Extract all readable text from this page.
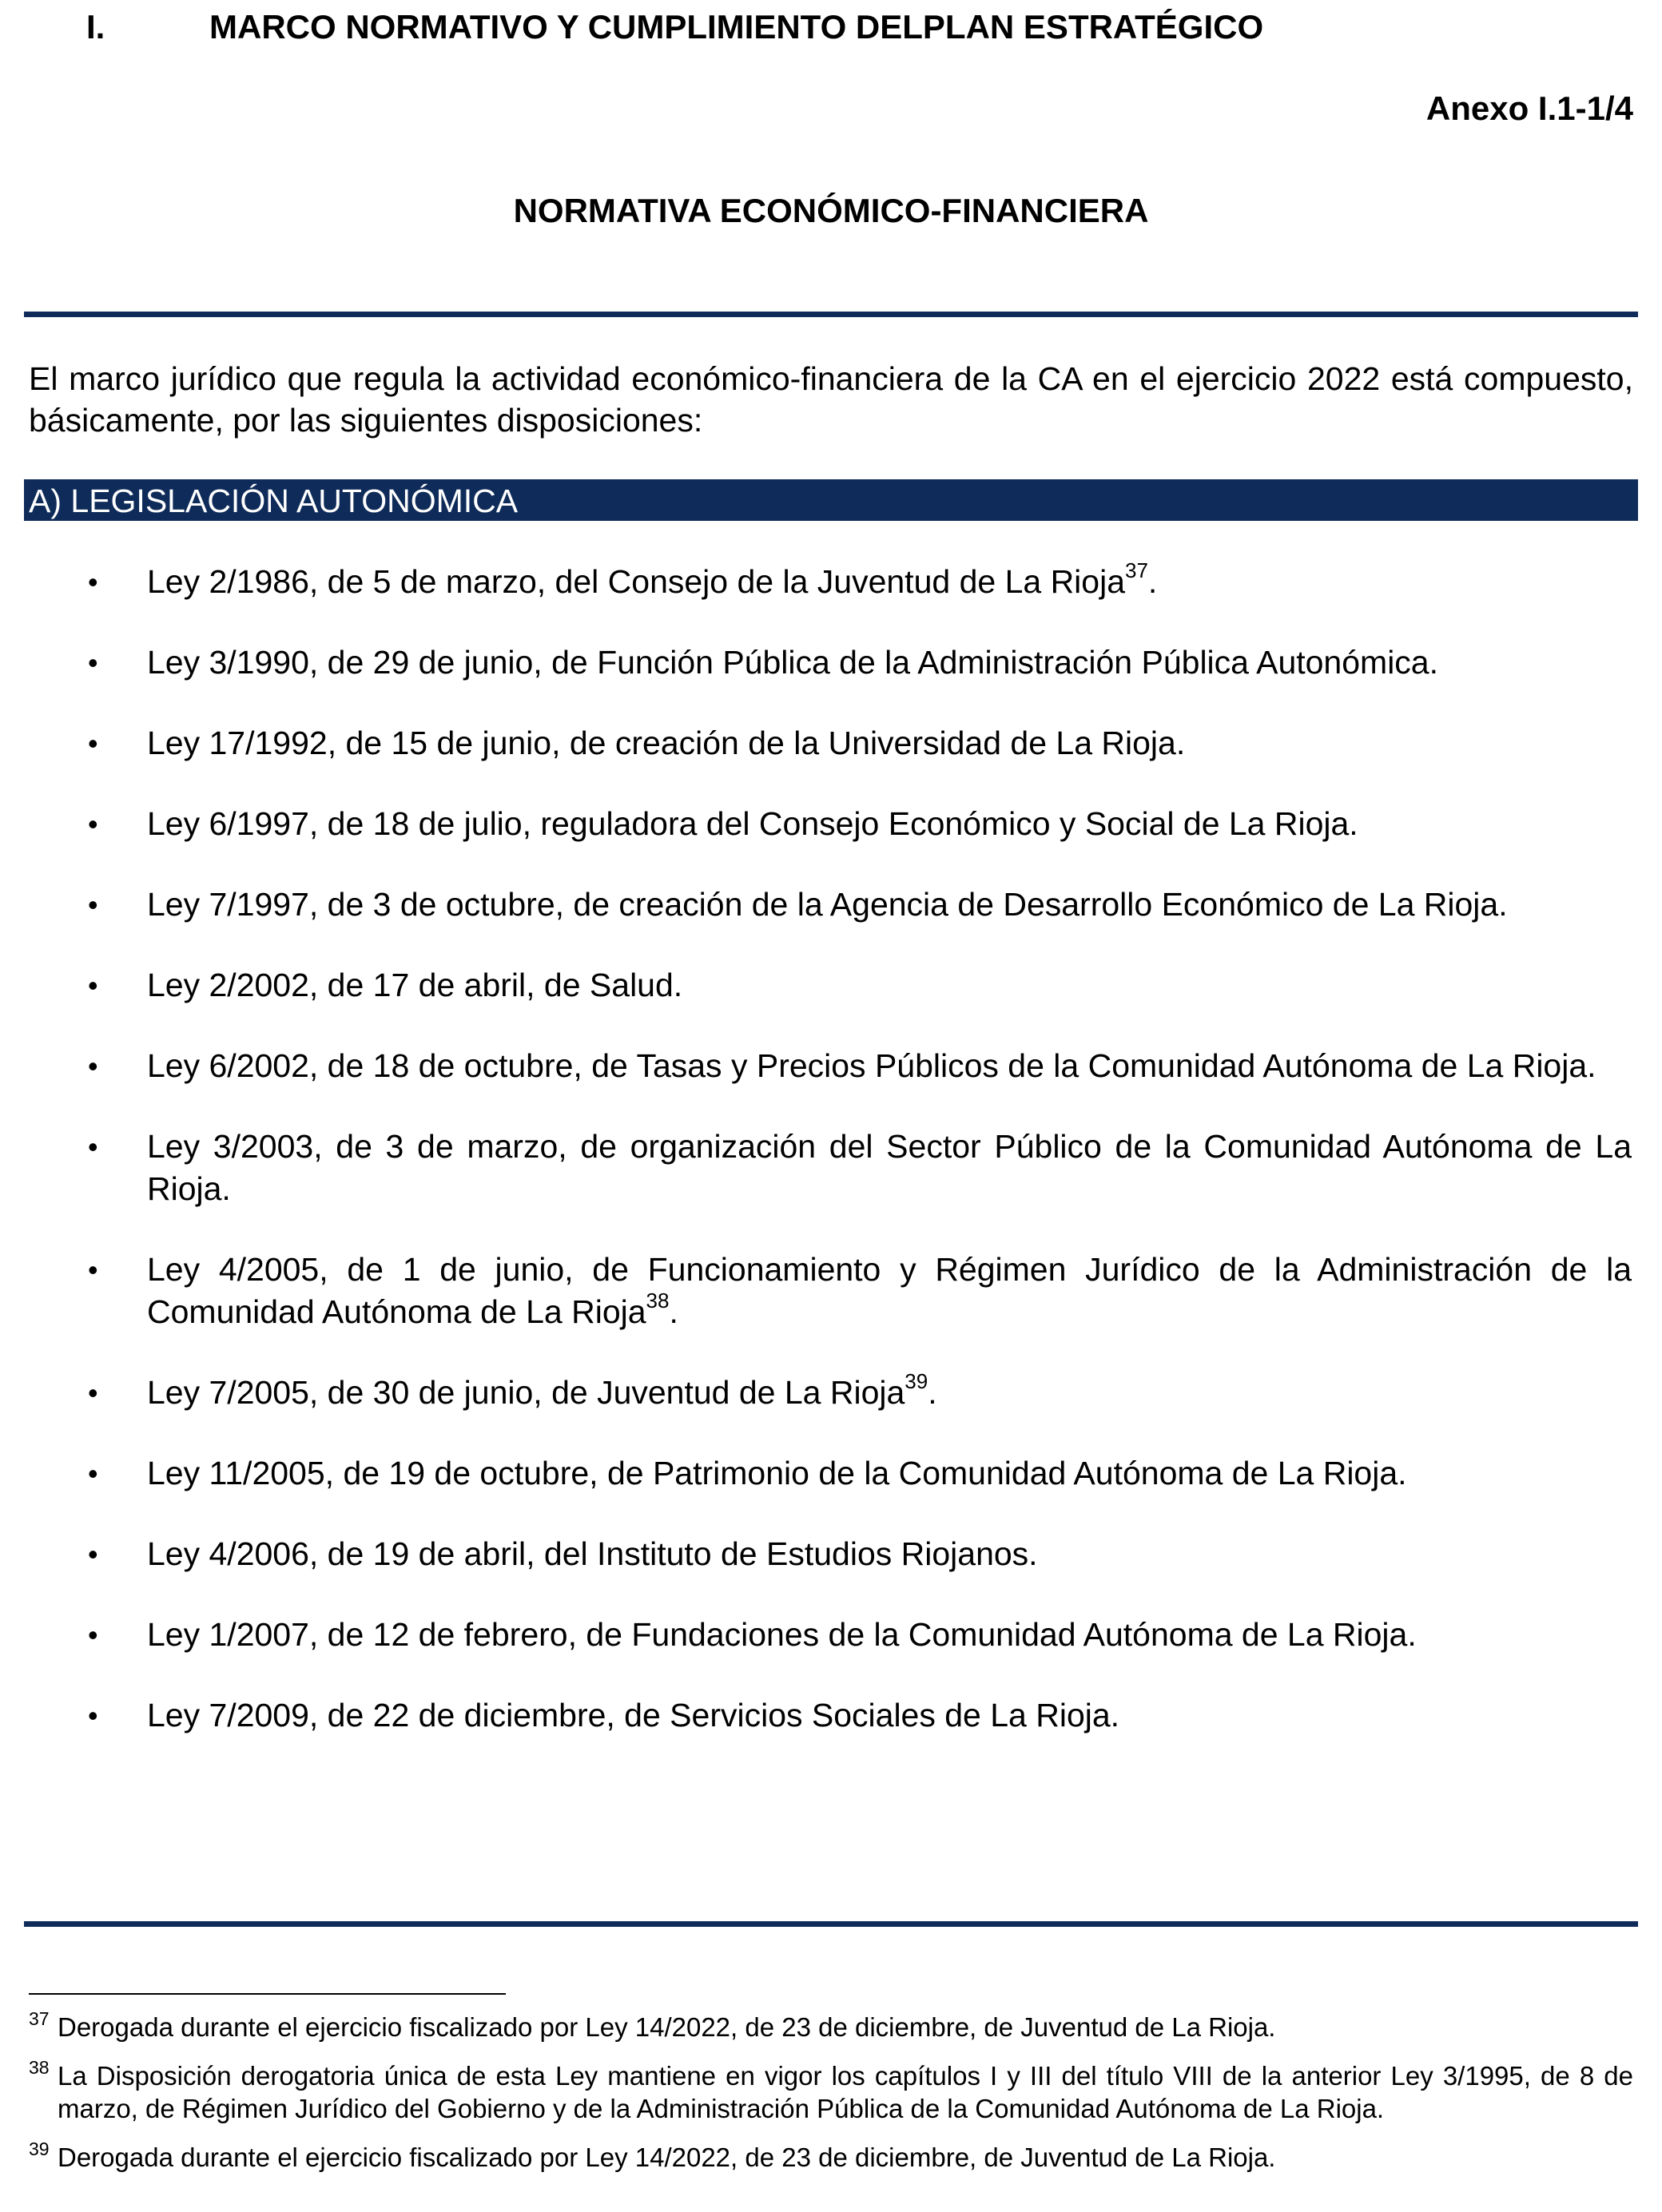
I.	MARCO NORMATIVO Y CUMPLIMIENTO DELPLAN ESTRATÉGICO
Anexo I.1-1/4
NORMATIVA ECONÓMICO-FINANCIERA
El marco jurídico que regula la actividad económico-financiera de la CA en el ejercicio 2022 está compuesto, básicamente, por las siguientes disposiciones:
A) LEGISLACIÓN AUTONÓMICA
• Ley 2/1986, de 5 de marzo, del Consejo de la Juventud de La Rioja$^{37}$.
• Ley 3/1990, de 29 de junio, de Función Pública de la Administración Pública Autonómica.
• Ley 17/1992, de 15 de junio, de creación de la Universidad de La Rioja.
• Ley 6/1997, de 18 de julio, reguladora del Consejo Económico y Social de La Rioja.
• Ley 7/1997, de 3 de octubre, de creación de la Agencia de Desarrollo Económico de La Rioja.
• Ley 2/2002, de 17 de abril, de Salud.
• Ley 6/2002, de 18 de octubre, de Tasas y Precios Públicos de la Comunidad Autónoma de La Rioja.
• Ley 3/2003, de 3 de marzo, de organización del Sector Público de la Comunidad Autónoma de La Rioja.
• Ley 4/2005, de 1 de junio, de Funcionamiento y Régimen Jurídico de la Administración de la Comunidad Autónoma de La Rioja$^{38}$.
• Ley 7/2005, de 30 de junio, de Juventud de La Rioja$^{39}$.
• Ley 11/2005, de 19 de octubre, de Patrimonio de la Comunidad Autónoma de La Rioja.
• Ley 4/2006, de 19 de abril, del Instituto de Estudios Riojanos.
• Ley 1/2007, de 12 de febrero, de Fundaciones de la Comunidad Autónoma de La Rioja.
• Ley 7/2009, de 22 de diciembre, de Servicios Sociales de La Rioja.
37 Derogada durante el ejercicio fiscalizado por Ley 14/2022, de 23 de diciembre, de Juventud de La Rioja.
38 La Disposición derogatoria única de esta Ley mantiene en vigor los capítulos I y III del título VIII de la anterior Ley 3/1995, de 8 de marzo, de Régimen Jurídico del Gobierno y de la Administración Pública de la Comunidad Autónoma de La Rioja.
39 Derogada durante el ejercicio fiscalizado por Ley 14/2022, de 23 de diciembre, de Juventud de La Rioja.
